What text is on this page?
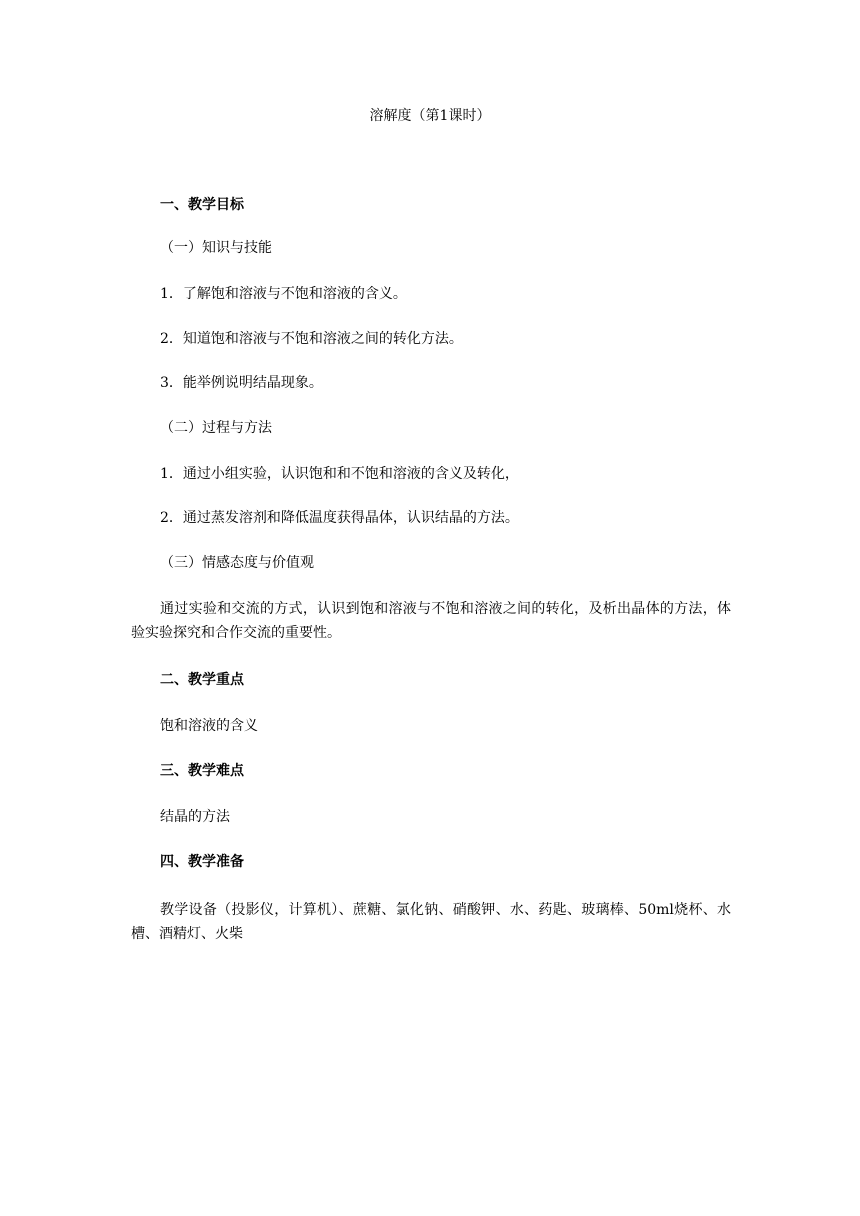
溶解度（第1课时）
一、教学目标
（一）知识与技能
1．了解饱和溶液与不饱和溶液的含义。
2．知道饱和溶液与不饱和溶液之间的转化方法。
3．能举例说明结晶现象。
（二）过程与方法
1．通过小组实验，认识饱和和不饱和溶液的含义及转化，
2．通过蒸发溶剂和降低温度获得晶体，认识结晶的方法。
（三）情感态度与价值观
通过实验和交流的方式，认识到饱和溶液与不饱和溶液之间的转化，及析出晶体的方法，体验实验探究和合作交流的重要性。
二、教学重点
饱和溶液的含义
三、教学难点
结晶的方法
四、教学准备
教学设备（投影仪，计算机）、蔗糖、氯化钠、硝酸钾、水、药匙、玻璃棒、50ml烧杯、水槽、酒精灯、火柴
